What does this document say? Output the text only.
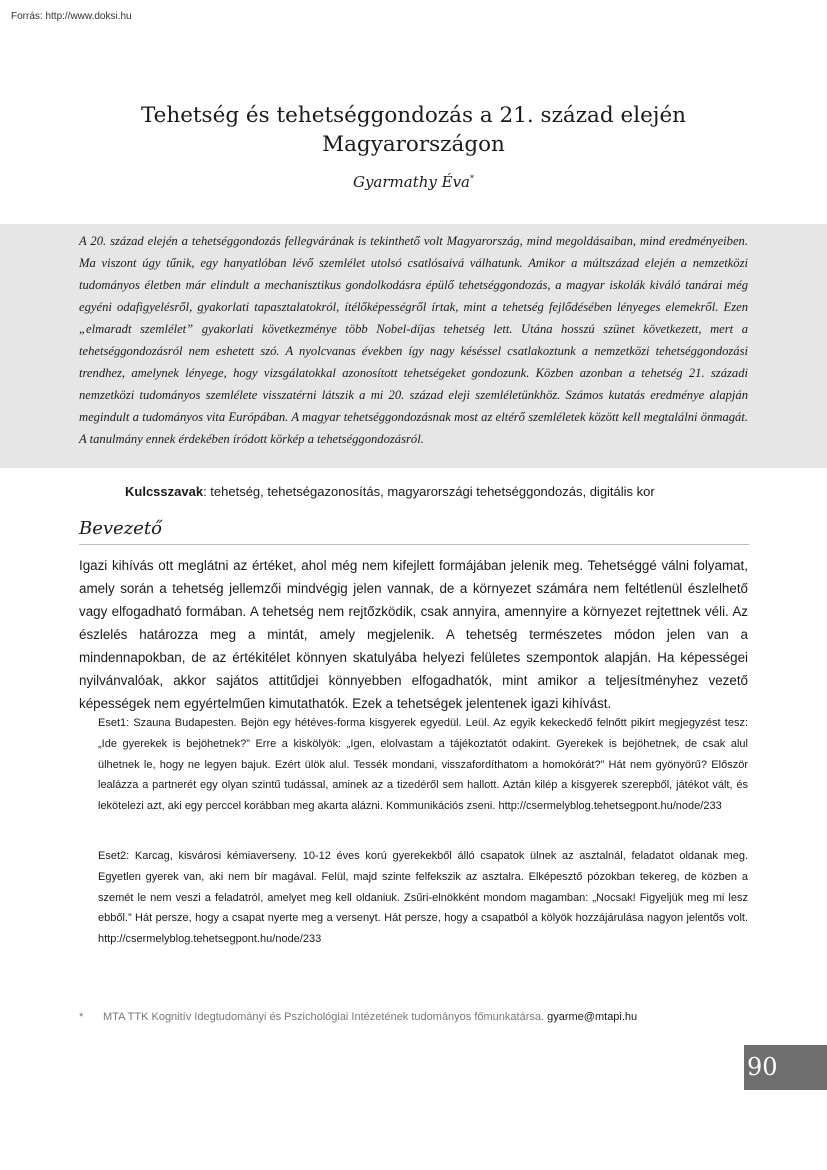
Forrás: http://www.doksi.hu
Tehetség és tehetséggondozás a 21. század elején
Magyarországon
Gyarmathy Éva*

A 20. század elején a tehetséggondozás fellegvárának is tekinthető volt Magyarország, mind megoldásaiban, mind eredményeiben. Ma viszont úgy tűnik, egy hanyatlóban lévő szemlélet utolsó csatlósaivá válhatunk. Amikor a múltszázad elején a nemzetközi tudományos életben már elindult a mechanisztikus gondolkodásra épülő tehetséggondozás, a magyar iskolák kiváló tanárai még egyéni odafigyelésről, gyakorlati tapasztalatokról, ítélőképességről írtak, mint a tehetség fejlődésében lényeges elemekről. Ezen „elmaradt szemlélet” gyakorlati következménye több Nobel-díjas tehetség lett. Utána hosszú szünet következett, mert a tehetséggondozásról nem eshetett szó. A nyolcvanas években így nagy késéssel csatlakoztunk a nemzetközi tehetséggondozási trendhez, amelynek lényege, hogy vizsgálatokkal azonosított tehetségeket gondozunk. Közben azonban a tehetség 21. századi nemzetközi tudományos szemlélete visszatérni látszik a mi 20. század eleji szemléletünkhöz. Számos kutatás eredménye alapján megindult a tudományos vita Európában. A magyar tehetséggondozásnak most az eltérő szemléletek között kell megtalálni önmagát. A tanulmány ennek érdekében íródott körkép a tehetséggondozásról.

Kulcsszavak: tehetség, tehetségazonosítás, magyarországi tehetséggondozás, digitális kor
Bevezető

Igazi kihívás ott meglátni az értéket, ahol még nem kifejlett formájában jelenik meg. Tehetséggé válni folyamat, amely során a tehetség jellemzői mindvégig jelen vannak, de a környezet számára nem feltétlenül észlelhető vagy elfogadható formában. A tehetség nem rejtőzködik, csak annyira, amennyire a környezet rejtettnek véli. Az észlelés határozza meg a mintát, amely megjelenik. A tehetség természetes módon jelen van a mindennapokban, de az értékitélet könnyen skatulyába helyezi felületes szempontok alapján. Ha képességei nyilvánvalóak, akkor sajátos attitűdjei könnyebben elfogadhatók, mint amikor a teljesítményhez vezető képességek nem egyértelműen kimutathatók. Ezek a tehetségek jelentenek igazi kihívást.

Eset1: Szauna Budapesten. Bejön egy hétéves-forma kisgyerek egyedül. Leül. Az egyik kekeckedő felnőtt pikírt megjegyzést tesz: „Ide gyerekek is bejöhetnek?” Erre a kiskölyök: „Igen, elolvastam a tájékoztatót odakint. Gyerekek is bejöhetnek, de csak alul ülhetnek le, hogy ne legyen bajuk. Ezért ülök alul. Tessék mondani, visszafordíthatom a homokórát?” Hát nem gyönyörű? Először lealázza a partnerét egy olyan szintű tudással, aminek az a tizedéről sem hallott. Aztán kilép a kisgyerek szerepből, játékot vált, és lekötelezi azt, aki egy perccel korábban meg akarta alázni. Kommunikációs zseni. http://csermelyblog.tehetsegpont.hu/node/233

Eset2: Karcag, kisvárosi kémiaverseny. 10-12 éves korú gyerekekből álló csapatok ülnek az asztalnál, feladatot oldanak meg. Egyetlen gyerek van, aki nem bír magával. Felül, majd szinte felfekszik az asztalra. Elképesztő pózokban tekereg, de közben a szemét le nem veszi a feladatról, amelyet meg kell oldaniuk. Zsűri-elnökként mondom magamban: „Nocsak! Figyeljük meg mi lesz ebből.” Hát persze, hogy a csapat nyerte meg a versenyt. Hát persze, hogy a csapatból a kölyök hozzájárulása nagyon jelentős volt. http://csermelyblog.tehetsegpont.hu/node/233

* MTA TTK Kognitív Idegtudományi és Pszichológiai Intézetének tudományos főmunkatársa. gyarme@mtapi.hu
90
